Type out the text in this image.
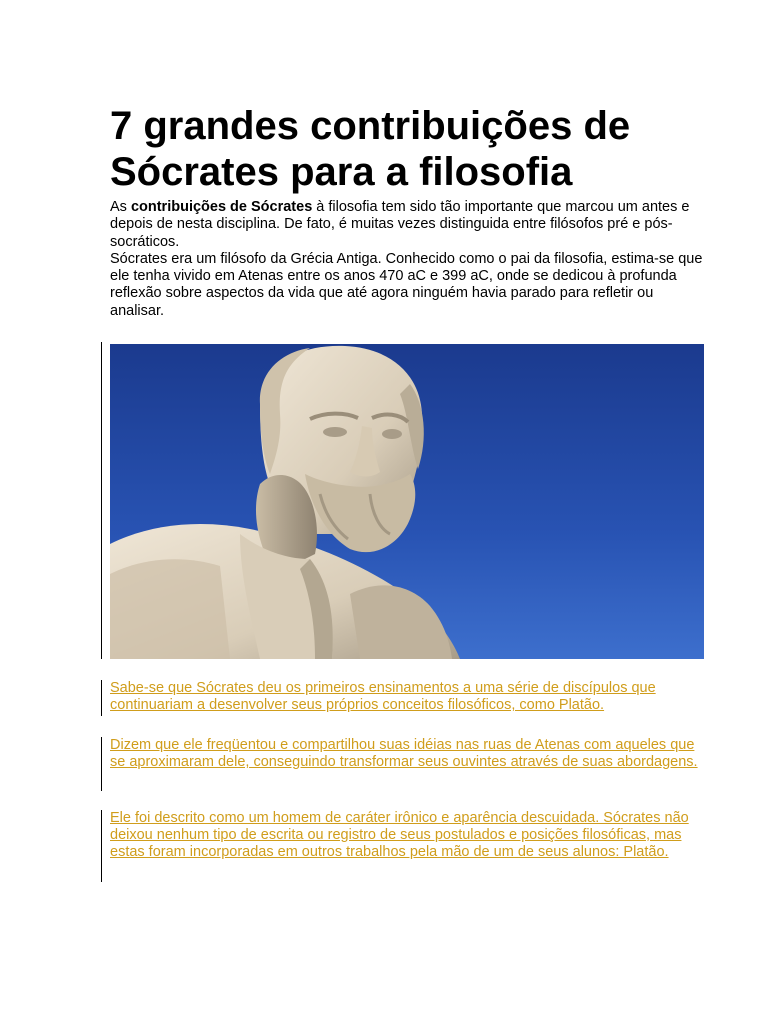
7 grandes contribuições de
Sócrates para a filosofia

As contribuições de Sócrates à filosofia tem sido tão importante que marcou um antes e depois de nesta disciplina. De fato, é muitas vezes distinguida entre filósofos pré e pós-socráticos.

Sócrates era um filósofo da Grécia Antiga. Conhecido como o pai da filosofia, estima-se que ele tenha vivido em Atenas entre os anos 470 aC e 399 aC, onde se dedicou à profunda reflexão sobre aspectos da vida que até agora ninguém havia parado para refletir ou analisar.

Sabe-se que Sócrates deu os primeiros ensinamentos a uma série de discípulos que continuariam a desenvolver seus próprios conceitos filosóficos, como Platão.
Dizem que ele freqüentou e compartilhou suas idéias nas ruas de Atenas com aqueles que se aproximaram dele, conseguindo transformar seus ouvintes através de suas abordagens.
Ele foi descrito como um homem de caráter irônico e aparência descuidada. Sócrates não deixou nenhum tipo de escrita ou registro de seus postulados e posições filosóficas, mas estas foram incorporadas em outros trabalhos pela mão de um de seus alunos: Platão.
